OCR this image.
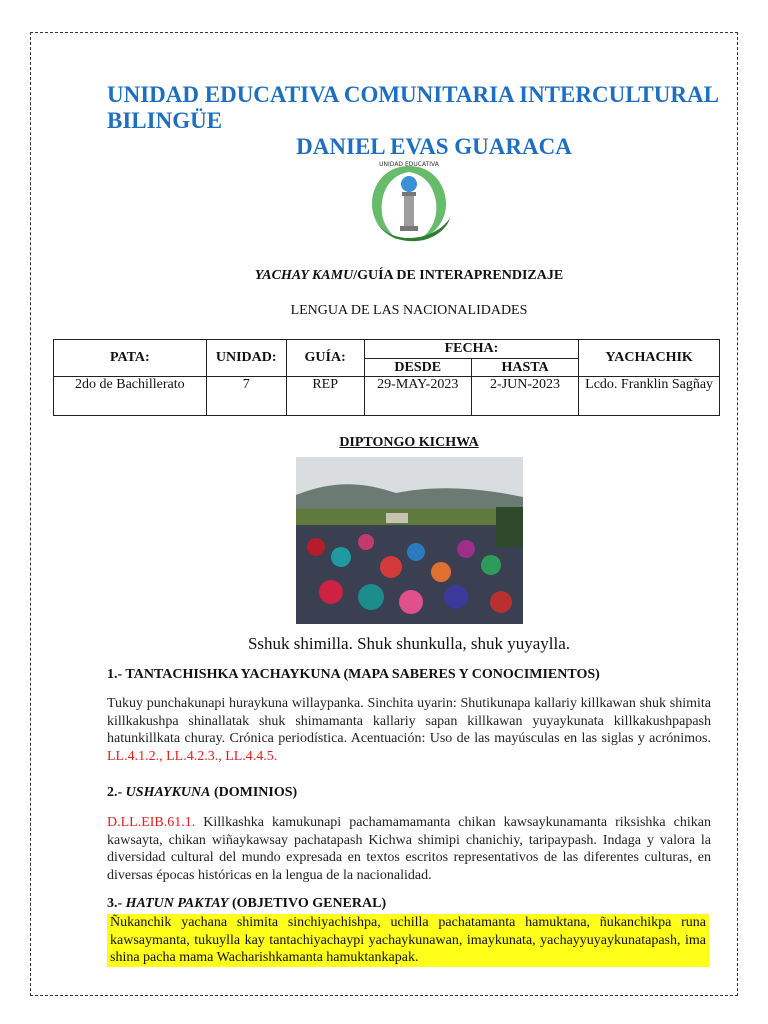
UNIDAD EDUCATIVA COMUNITARIA INTERCULTURAL BILINGÜE
DANIEL EVAS GUARACA
UNIDAD EDUCATIVA
YACHAY KAMU/GUÍA DE INTERAPRENDIZAJE
LENGUA DE LAS NACIONALIDADES
PATA:	UNIDAD:	GUÍA:	FECHA:		YACHACHIK
			DESDE	HASTA	
2do de Bachillerato	7	REP	29-MAY-2023	2-JUN-2023	Lcdo. Franklin Sagñay
DIPTONGO KICHWA
Sshuk shimilla. Shuk shunkulla, shuk yuyaylla.
1.- TANTACHISHKA YACHAYKUNA (MAPA SABERES Y CONOCIMIENTOS)
Tukuy punchakunapi huraykuna willaypanka. Sinchita uyarin: Shutikunapa kallariy killkawan shuk shimita killkakushpa shinallatak shuk shimamanta kallariy sapan killkawan yuyaykunata killkakushpapash hatunkillkata churay. Crónica periodística. Acentuación: Uso de las mayúsculas en las siglas y acrónimos. LL.4.1.2., LL.4.2.3., LL.4.4.5.
2.- USHAYKUNA (DOMINIOS)
D.LL.EIB.61.1. Killkashka kamukunapi pachamamamanta chikan kawsaykunamanta riksishka chikan kawsayta, chikan wiñaykawsay pachatapash Kichwa shimipi chanichiy, taripaypash. Indaga y valora la diversidad cultural del mundo expresada en textos escritos representativos de las diferentes culturas, en diversas épocas históricas en la lengua de la nacionalidad.
3.- HATUN PAKTAY (OBJETIVO GENERAL)
Ñukanchik yachana shimita sinchiyachishpa, uchilla pachatamanta hamuktana, ñukanchikpa runa kawsaymanta, tukuylla kay tantachiyachaypi yachaykunawan, imaykunata, yachayyuyaykunatapash, ima shina pacha mama Wacharishkamanta hamuktankapak.
